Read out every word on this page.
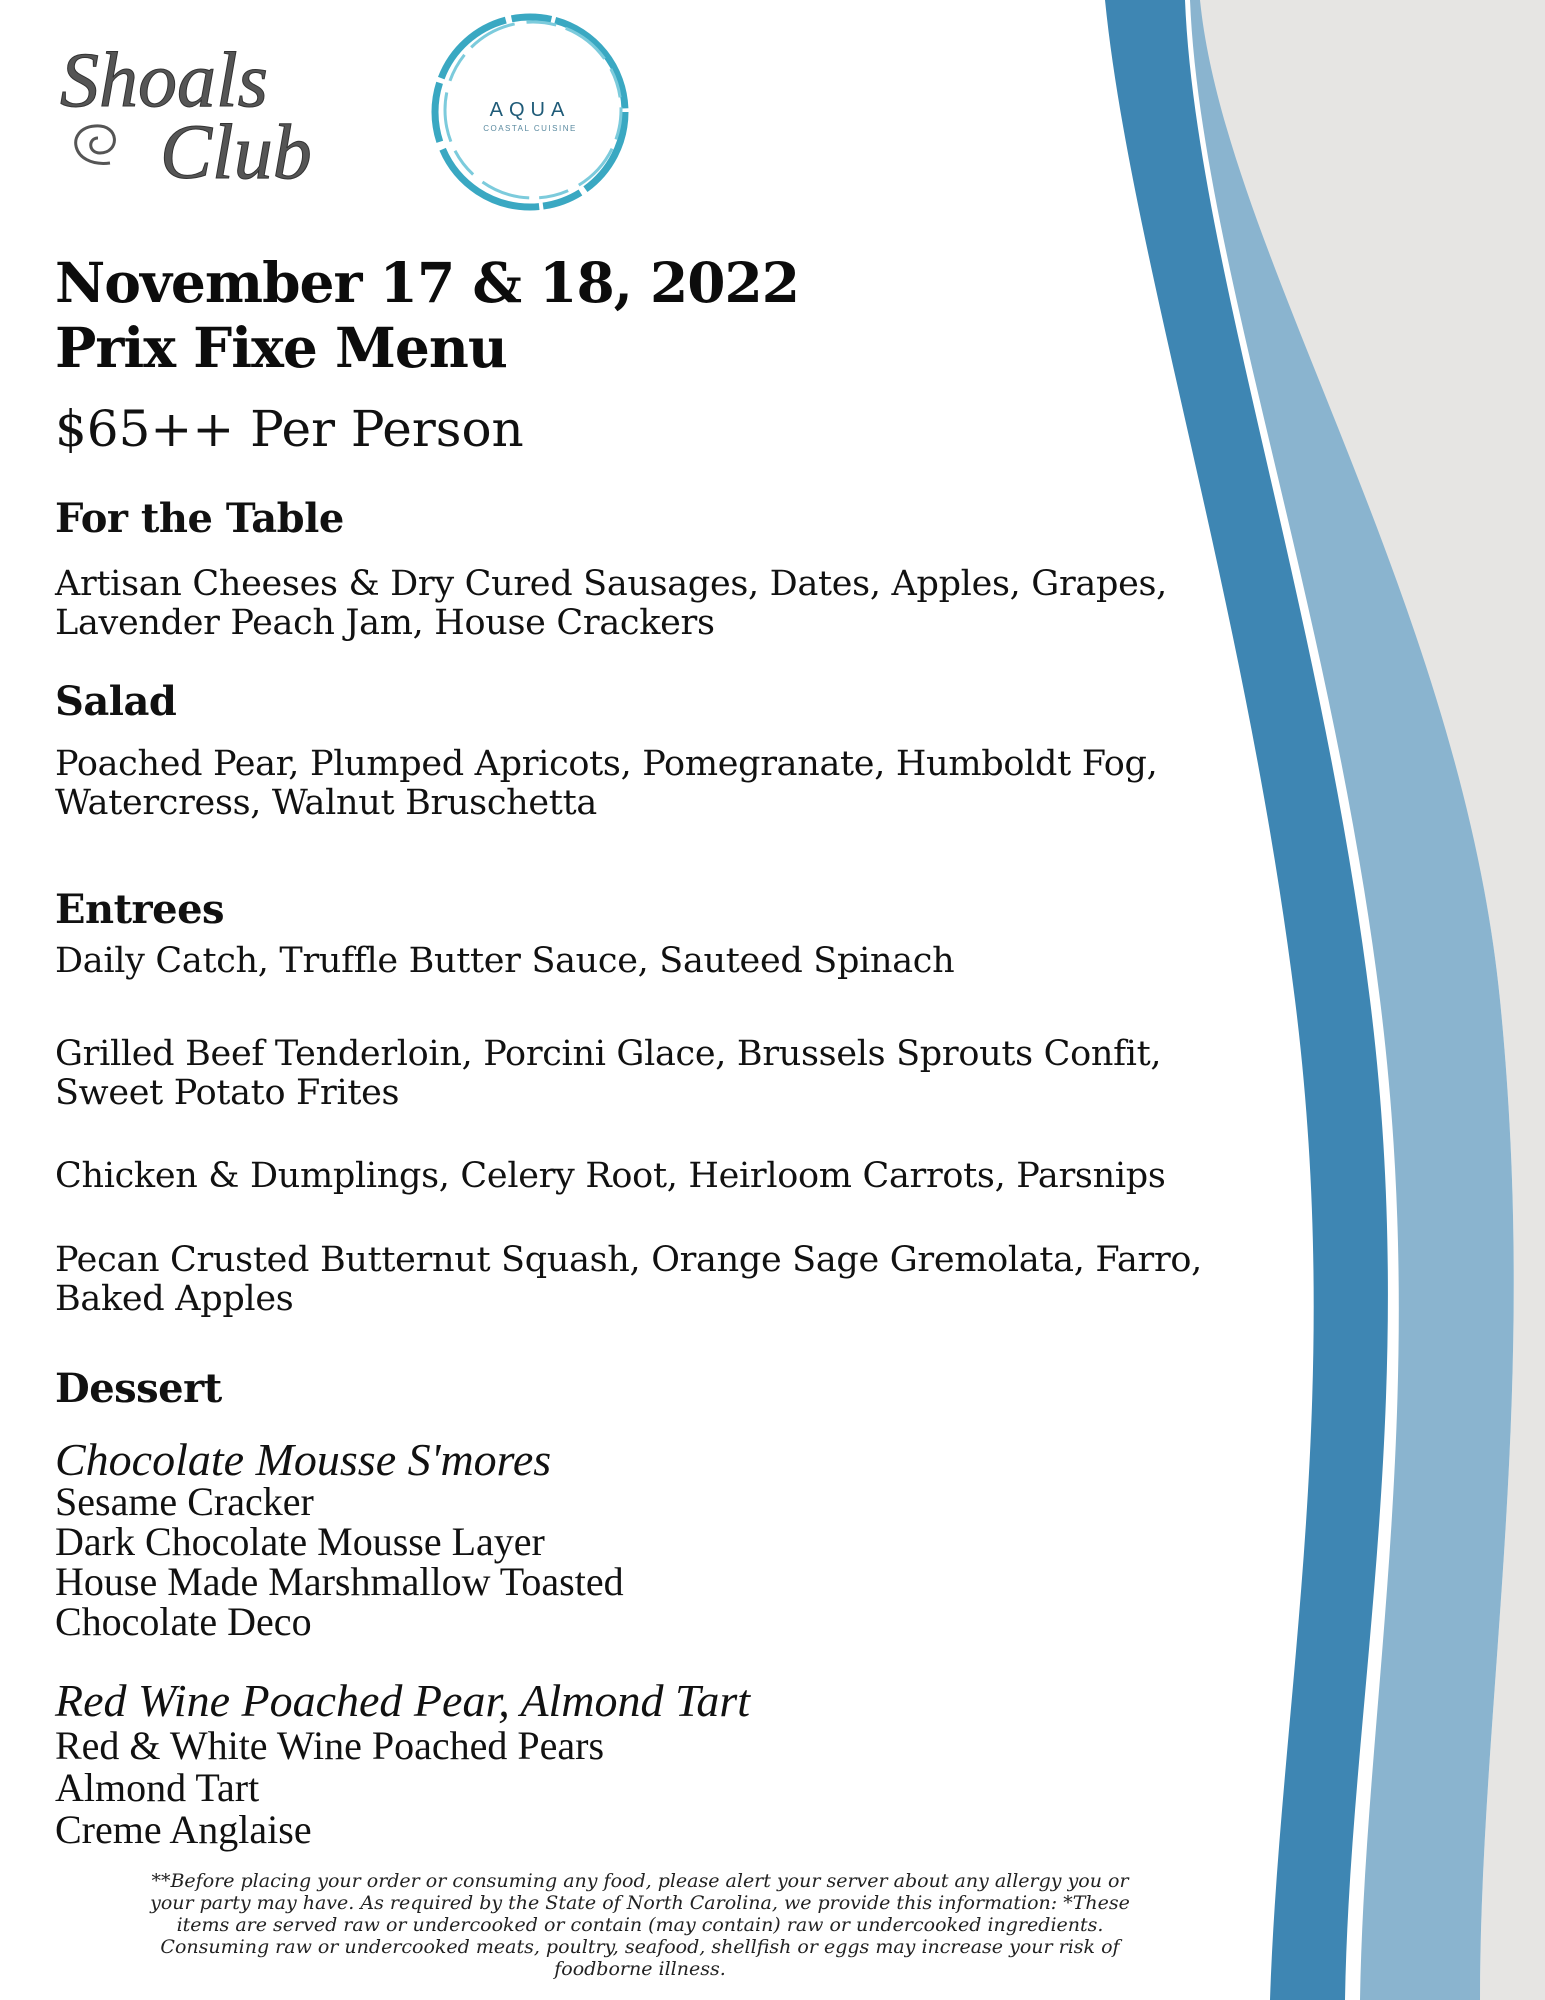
Shoals
Club	AQUA
COASTAL CUISINE
November 17 & 18, 2022
Prix Fixe Menu
$65++ Per Person
For the Table
Artisan Cheeses & Dry Cured Sausages, Dates, Apples, Grapes,
Lavender Peach Jam, House Crackers
Salad
Poached Pear, Plumped Apricots, Pomegranate, Humboldt Fog,
Watercress, Walnut Bruschetta
Entrees
Daily Catch, Truffle Butter Sauce, Sauteed Spinach
Grilled Beef Tenderloin, Porcini Glace, Brussels Sprouts Confit,
Sweet Potato Frites
Chicken & Dumplings, Celery Root, Heirloom Carrots, Parsnips
Pecan Crusted Butternut Squash, Orange Sage Gremolata, Farro,
Baked Apples
Dessert
Chocolate Mousse S'mores
Sesame Cracker
Dark Chocolate Mousse Layer
House Made Marshmallow Toasted
Chocolate Deco
Red Wine Poached Pear, Almond Tart
Red & White Wine Poached Pears
Almond Tart
Creme Anglaise
**Before placing your order or consuming any food, please alert your server about any allergy you or
your party may have. As required by the State of North Carolina, we provide this information: *These
items are served raw or undercooked or contain (may contain) raw or undercooked ingredients.
Consuming raw or undercooked meats, poultry, seafood, shellfish or eggs may increase your risk of
foodborne illness.
